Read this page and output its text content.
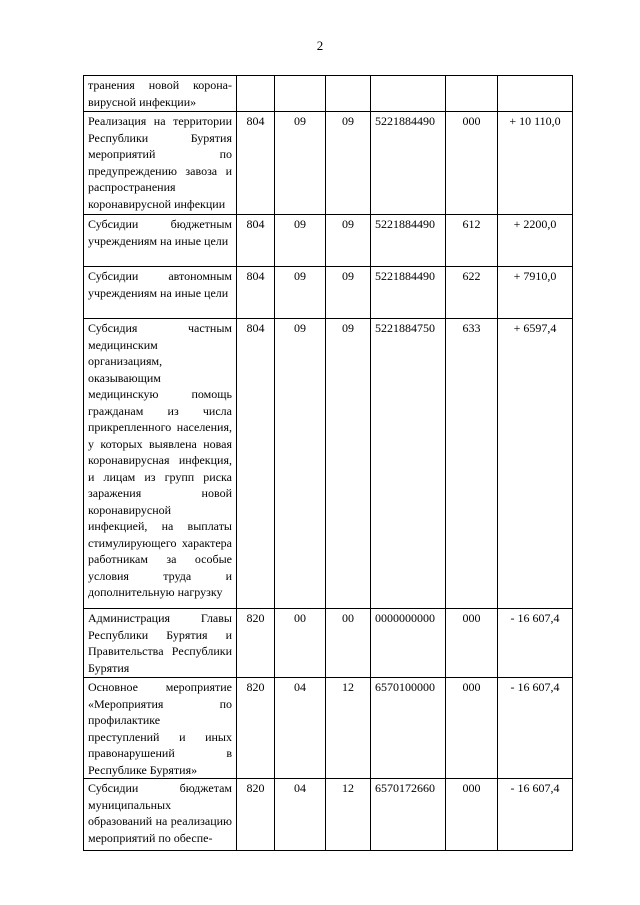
2
транения новой корона-вирусной инфекции»						
Реализация на территории Республики Бурятия мероприятий по предупреждению завоза и распространения коронавирусной инфекции	804	09	09	5221884490	000	+ 10 110,0
Субсидии бюджетным учреждениям на иные цели	804	09	09	5221884490	612	+ 2200,0
Субсидии автономным учреждениям на иные цели	804	09	09	5221884490	622	+ 7910,0
Субсидия частным медицинским организациям, оказывающим медицинскую помощь гражданам из числа прикрепленного населения, у которых выявлена новая коронавирусная инфекция, и лицам из групп риска заражения новой коронавирусной инфекцией, на выплаты стимулирующего характера работникам за особые условия труда и дополнительную нагрузку	804	09	09	5221884750	633	+ 6597,4
Администрация Главы Республики Бурятия и Правительства Республики Бурятия	820	00	00	0000000000	000	- 16 607,4
Основное мероприятие «Мероприятия по профилактике преступлений и иных правонарушений в Республике Бурятия»	820	04	12	6570100000	000	- 16 607,4
Субсидии бюджетам муниципальных образований на реализацию мероприятий по обеспе-	820	04	12	6570172660	000	- 16 607,4
